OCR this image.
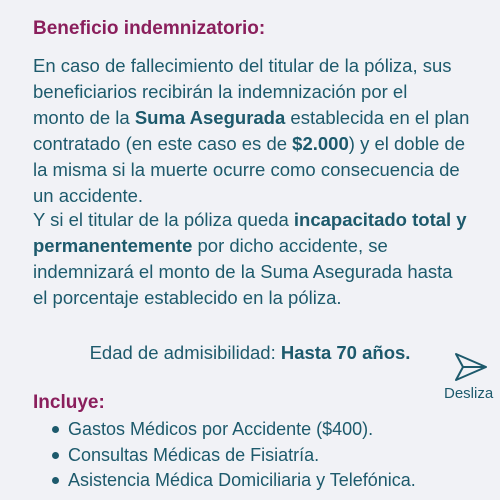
Beneficio indemnizatorio:

En caso de fallecimiento del titular de la póliza, sus
beneficiarios recibirán la indemnización por el
monto de la Suma Asegurada establecida en el plan
contratado (en este caso es de $2.000) y el doble de
la misma si la muerte ocurre como consecuencia de
un accidente.

Y si el titular de la póliza queda incapacitado total y
permanentemente por dicho accidente, se
indemnizará el monto de la Suma Asegurada hasta
el porcentaje establecido en la póliza.

Edad de admisibilidad: Hasta 70 años.
Desliza
Incluye:
Gastos Médicos por Accidente ($400).
Consultas Médicas de Fisiatría.
Asistencia Médica Domiciliaria y Telefónica.
